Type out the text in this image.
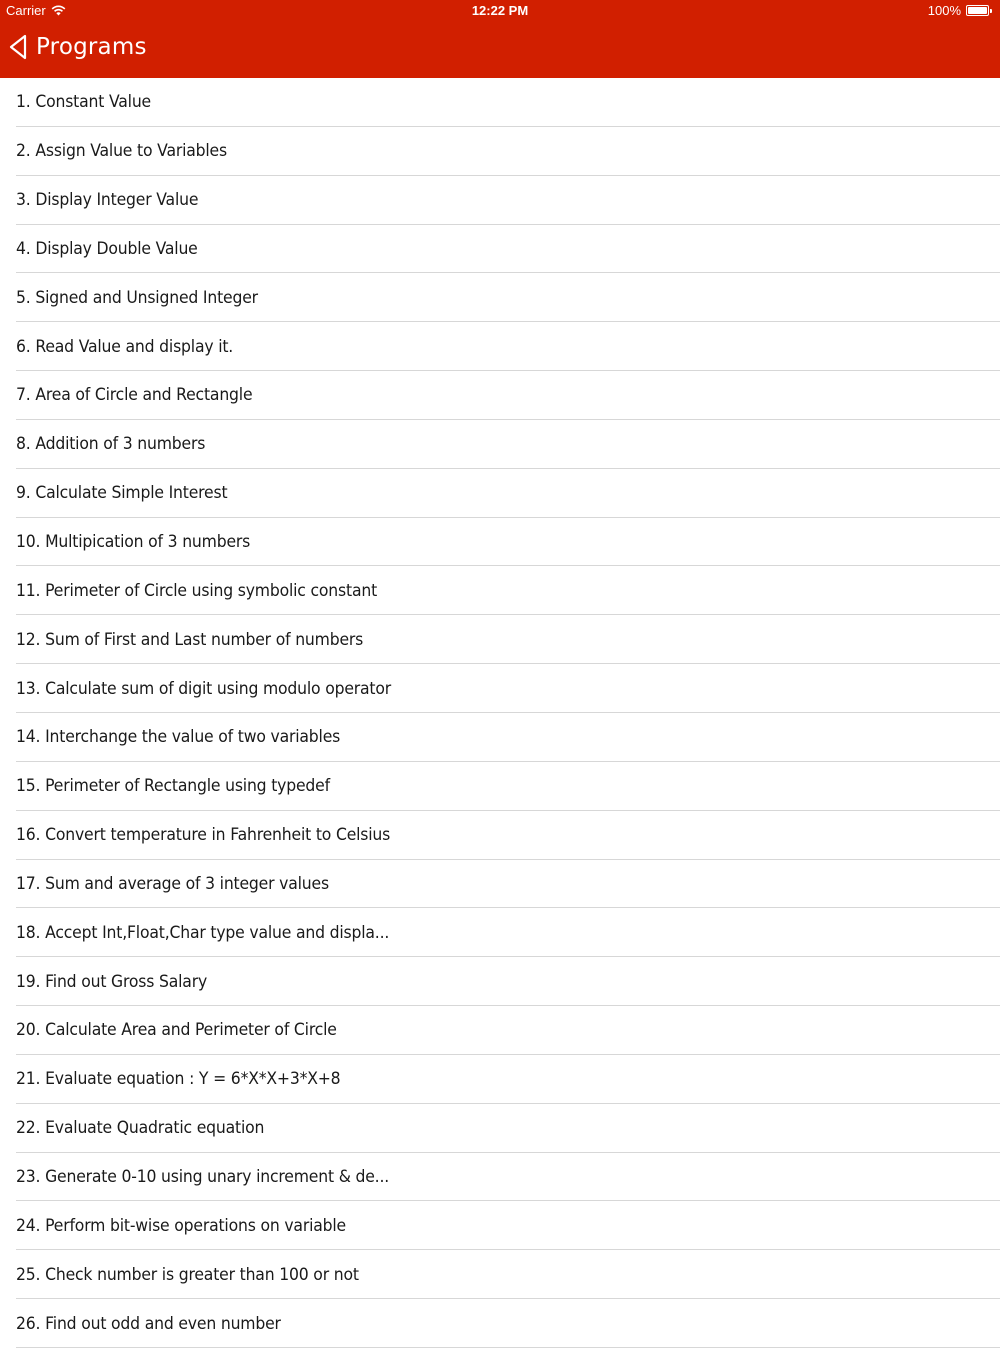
Carrier	12:22 PM	100%
Programs
1. Constant Value
2. Assign Value to Variables
3. Display Integer Value
4. Display Double Value
5. Signed and Unsigned Integer
6. Read Value and display it.
7. Area of Circle and Rectangle
8. Addition of 3 numbers
9. Calculate Simple Interest
10. Multipication of 3 numbers
11. Perimeter of Circle using symbolic constant
12. Sum of First and Last number of numbers
13. Calculate sum of digit using modulo operator
14. Interchange the value of two variables
15. Perimeter of Rectangle using typedef
16. Convert temperature in Fahrenheit to Celsius
17. Sum and average of 3 integer values
18. Accept Int,Float,Char type value and displa...
19. Find out Gross Salary
20. Calculate Area and Perimeter of Circle
21. Evaluate equation : Y = 6*X*X+3*X+8
22. Evaluate Quadratic equation
23. Generate 0-10 using unary increment & de...
24. Perform bit-wise operations on variable
25. Check number is greater than 100 or not
26. Find out odd and even number
